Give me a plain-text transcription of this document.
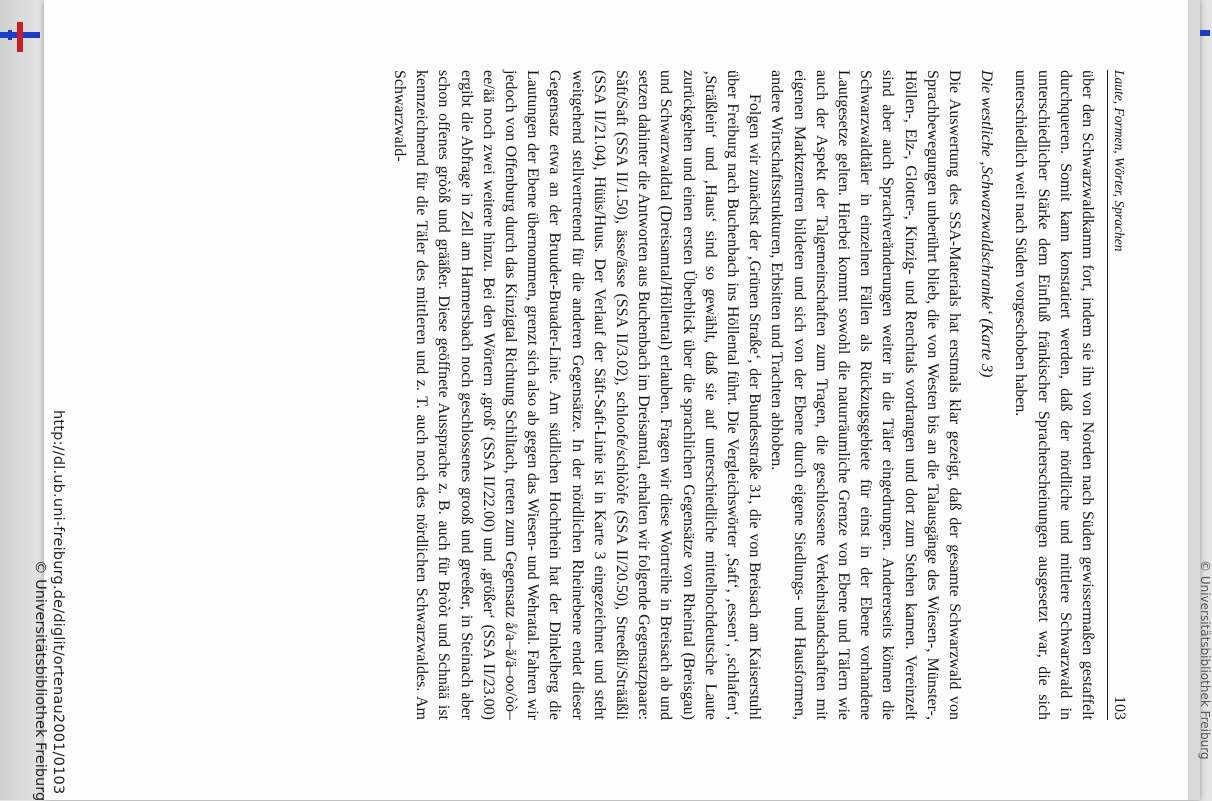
© Universitätsbibliothek Freiburg
Laute, Formen, Wörter, Sprachen
103

über den Schwarzwaldkamm fort, indem sie ihn von Norden nach Süden gewissermaßen gestaffelt durchqueren. Somit kann konstatiert werden, daß der nördliche und mittlere Schwarzwald in unterschiedlicher Stärke dem Einfluß fränkischer Spracherscheinungen ausgesetzt war, die sich unterschiedlich weit nach Süden vorgeschoben haben.

Die westliche ‚Schwarzwaldschranke‘ (Karte 3)

Die Auswertung des SSA-Materials hat erstmals klar gezeigt, daß der gesamte Schwarzwald von Sprachbewegungen unberührt blieb, die von Westen bis an die Talausgänge des Wiesen-, Münster-, Höllen-, Elz-, Glotter-, Kinzig- und Renchtals vordrangen und dort zum Stehen kamen. Vereinzelt sind aber auch Sprachveränderungen weiter in die Täler eingedrungen. Andererseits können die Schwarzwaldtäler in einzelnen Fällen als Rückzugsgebiete für einst in der Ebene vorhandene Lautgesetze gelten. Hierbei kommt sowohl die naturräumliche Grenze von Ebene und Tälern wie auch der Aspekt der Talgemeinschaften zum Tragen, die geschlossene Verkehrslandschaften mit eigenen Marktzentren bildeten und sich von der Ebene durch eigene Siedlungs- und Hausformen, andere Wirtschaftsstrukturen, Erbsitten und Trachten abhoben.

Folgen wir zunächst der ‚Grünen Straße‘, der Bundesstraße 31, die von Breisach am Kaiserstuhl über Freiburg nach Buchenbach ins Höllental führt. Die Vergleichswörter ‚Saft‘, ‚essen‘, ‚schlafen‘, ‚Sträßlein‘ und ‚Haus‘ sind so gewählt, daß sie auf unterschiedliche mittelhochdeutsche Laute zurückgehen und einen ersten Überblick über die sprachlichen Gegensätze von Rheintal (Breisgau) und Schwarzwaldtal (Dreisamtal/Höllental) erlauben. Fragen wir diese Wortreihe in Breisach ab und setzen dahinter die Antworten aus Buchenbach im Dreisamtal, erhalten wir folgende Gegensatzpaare: Săft/Saft (SSA II/1.50), ässe/ässe (SSA II/3.02), schloofe/schlòòfe (SSA II/20.50), Streeßli/Strääßli (SSA II/21.04), Hüüs/Huus. Der Verlauf der Säft-Saft-Linie ist in Karte 3 eingezeichnet und steht weitgehend stellvertretend für die anderen Gegensätze. In der nördlichen Rheinebene endet dieser Gegensatz etwa an der Bruuder-Bruader-Linie. Am südlichen Hochrhein hat der Dinkelberg die Lautungen der Ebene übernommen, grenzt sich also ab gegen das Wiesen- und Wehratal. Fahren wir jedoch von Offenburg durch das Kinzigtal Richtung Schiltach, treten zum Gegensatz å/a–ä/ä–oo/òò–ee/ää noch zwei weitere hinzu. Bei den Wörtern ‚groß‘ (SSA II/22.00) und ‚größer‘ (SSA II/23.00) ergibt die Abfrage in Zell am Harmersbach noch geschlossenes grooß und greeßer, in Steinach aber schon offenes gròòß und grääßer. Diese geöffnete Aussprache z. B. auch für Bròòt und Schnää ist kennzeichnend für die Täler des mittleren und z. T. auch noch des nördlichen Schwarzwaldes. Am Schwarzwald-

http://dl.ub.uni-freiburg.de/diglit/ortenau2001/0103
© Universitätsbibliothek Freiburg
